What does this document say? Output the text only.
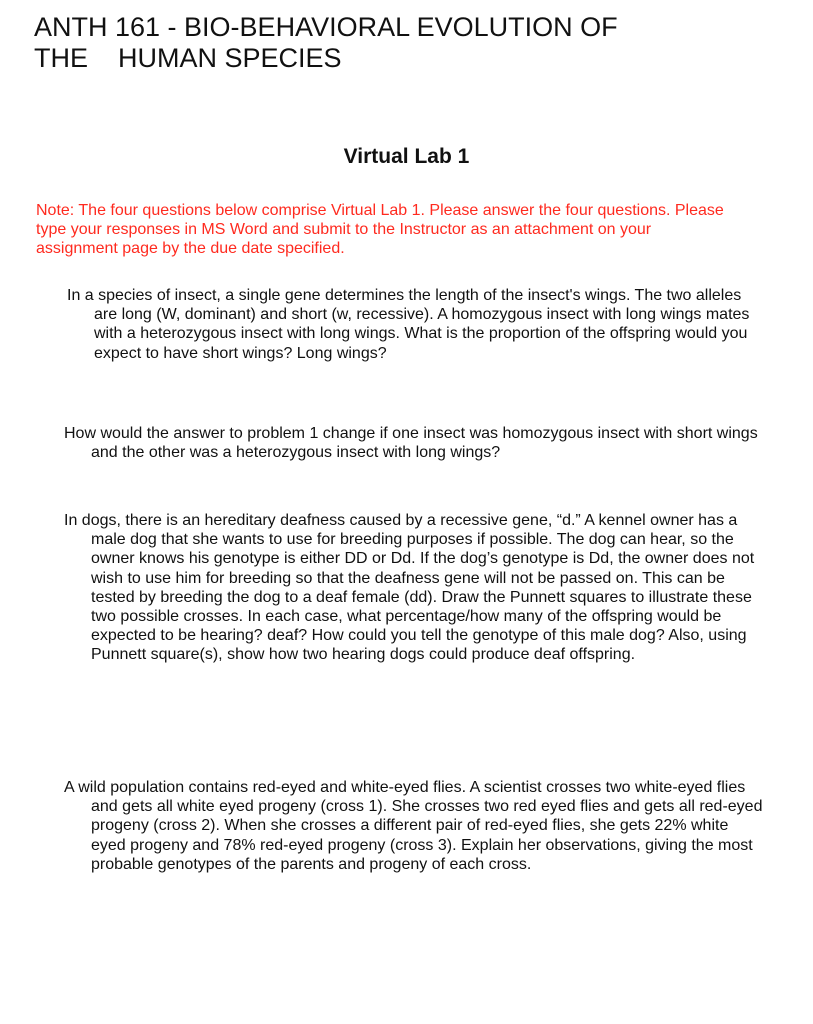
ANTH 161 - BIO-BEHAVIORAL EVOLUTION OF
THE    HUMAN SPECIES
Virtual Lab 1

Note: The four questions below comprise Virtual Lab 1. Please answer the four questions. Please type your responses in MS Word and submit to the Instructor as an attachment on your assignment page by the due date specified.

In a species of insect, a single gene determines the length of the insect's wings. The two alleles are long (W, dominant) and short (w, recessive). A homozygous insect with long wings mates with a heterozygous insect with long wings. What is the proportion of the offspring would you expect to have short wings? Long wings?

How would the answer to problem 1 change if one insect was homozygous insect with short wings and the other was a heterozygous insect with long wings?

In dogs, there is an hereditary deafness caused by a recessive gene, “d.” A kennel owner has a male dog that she wants to use for breeding purposes if possible. The dog can hear, so the owner knows his genotype is either DD or Dd. If the dog’s genotype is Dd, the owner does not wish to use him for breeding so that the deafness gene will not be passed on. This can be tested by breeding the dog to a deaf female (dd). Draw the Punnett squares to illustrate these two possible crosses. In each case, what percentage/how many of the offspring would be expected to be hearing? deaf? How could you tell the genotype of this male dog? Also, using Punnett square(s), show how two hearing dogs could produce deaf offspring.

A wild population contains red-eyed and white-eyed flies. A scientist crosses two white-eyed flies and gets all white eyed progeny (cross 1). She crosses two red eyed flies and gets all red-eyed progeny (cross 2). When she crosses a different pair of red-eyed flies, she gets 22% white eyed progeny and 78% red-eyed progeny (cross 3). Explain her observations, giving the most probable genotypes of the parents and progeny of each cross.
